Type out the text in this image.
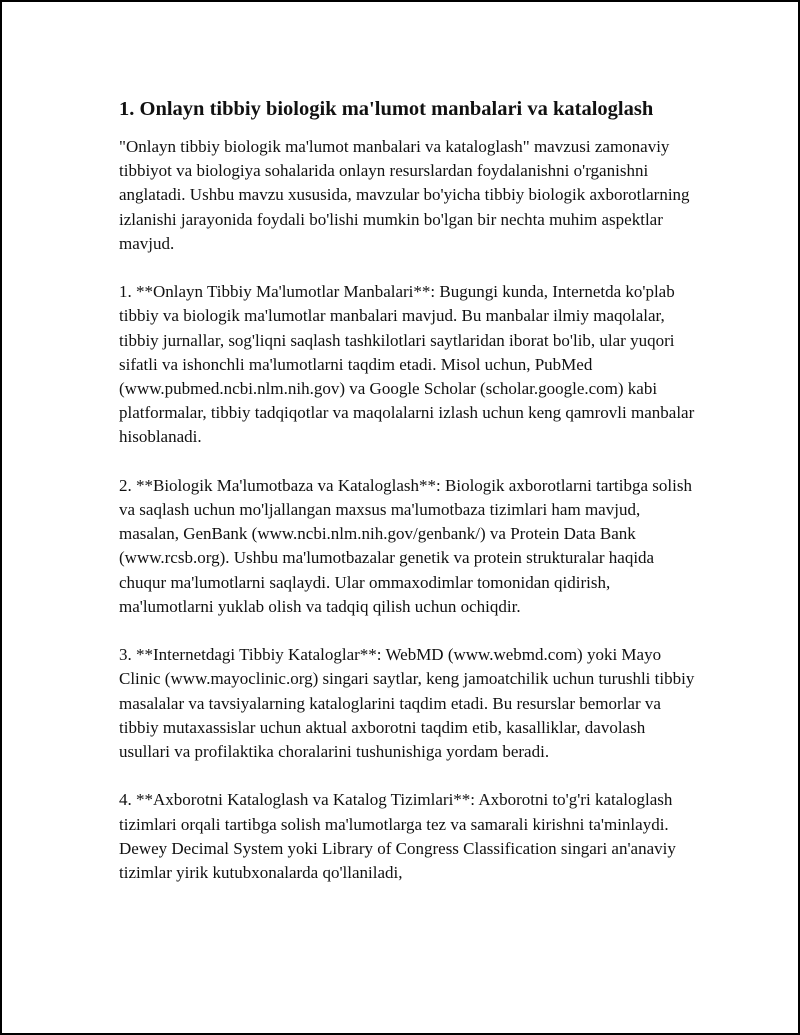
1. Onlayn tibbiy biologik ma'lumot manbalari va kataloglash

"Onlayn tibbiy biologik ma'lumot manbalari va kataloglash" mavzusi zamonaviy tibbiyot va biologiya sohalarida onlayn resurslardan foydalanishni o'rganishni anglatadi. Ushbu mavzu xususida, mavzular bo'yicha tibbiy biologik axborotlarning izlanishi jarayonida foydali bo'lishi mumkin bo'lgan bir nechta muhim aspektlar mavjud.

1. **Onlayn Tibbiy Ma'lumotlar Manbalari**: Bugungi kunda, Internetda ko'plab tibbiy va biologik ma'lumotlar manbalari mavjud. Bu manbalar ilmiy maqolalar, tibbiy jurnallar, sog'liqni saqlash tashkilotlari saytlaridan iborat bo'lib, ular yuqori sifatli va ishonchli ma'lumotlarni taqdim etadi. Misol uchun, PubMed (www.pubmed.ncbi.nlm.nih.gov) va Google Scholar (scholar.google.com) kabi platformalar, tibbiy tadqiqotlar va maqolalarni izlash uchun keng qamrovli manbalar hisoblanadi.

2. **Biologik Ma'lumotbaza va Kataloglash**: Biologik axborotlarni tartibga solish va saqlash uchun mo'ljallangan maxsus ma'lumotbaza tizimlari ham mavjud, masalan, GenBank (www.ncbi.nlm.nih.gov/genbank/) va Protein Data Bank (www.rcsb.org). Ushbu ma'lumotbazalar genetik va protein strukturalar haqida chuqur ma'lumotlarni saqlaydi. Ular ommaxodimlar tomonidan qidirish, ma'lumotlarni yuklab olish va tadqiq qilish uchun ochiqdir.

3. **Internetdagi Tibbiy Kataloglar**: WebMD (www.webmd.com) yoki Mayo Clinic (www.mayoclinic.org) singari saytlar, keng jamoatchilik uchun turushli tibbiy masalalar va tavsiyalarning kataloglarini taqdim etadi. Bu resurslar bemorlar va tibbiy mutaxassislar uchun aktual axborotni taqdim etib, kasalliklar, davolash usullari va profilaktika choralarini tushunishiga yordam beradi.

4. **Axborotni Kataloglash va Katalog Tizimlari**: Axborotni to'g'ri kataloglash tizimlari orqali tartibga solish ma'lumotlarga tez va samarali kirishni ta'minlaydi. Dewey Decimal System yoki Library of Congress Classification singari an'anaviy tizimlar yirik kutubxonalarda qo'llaniladi,
